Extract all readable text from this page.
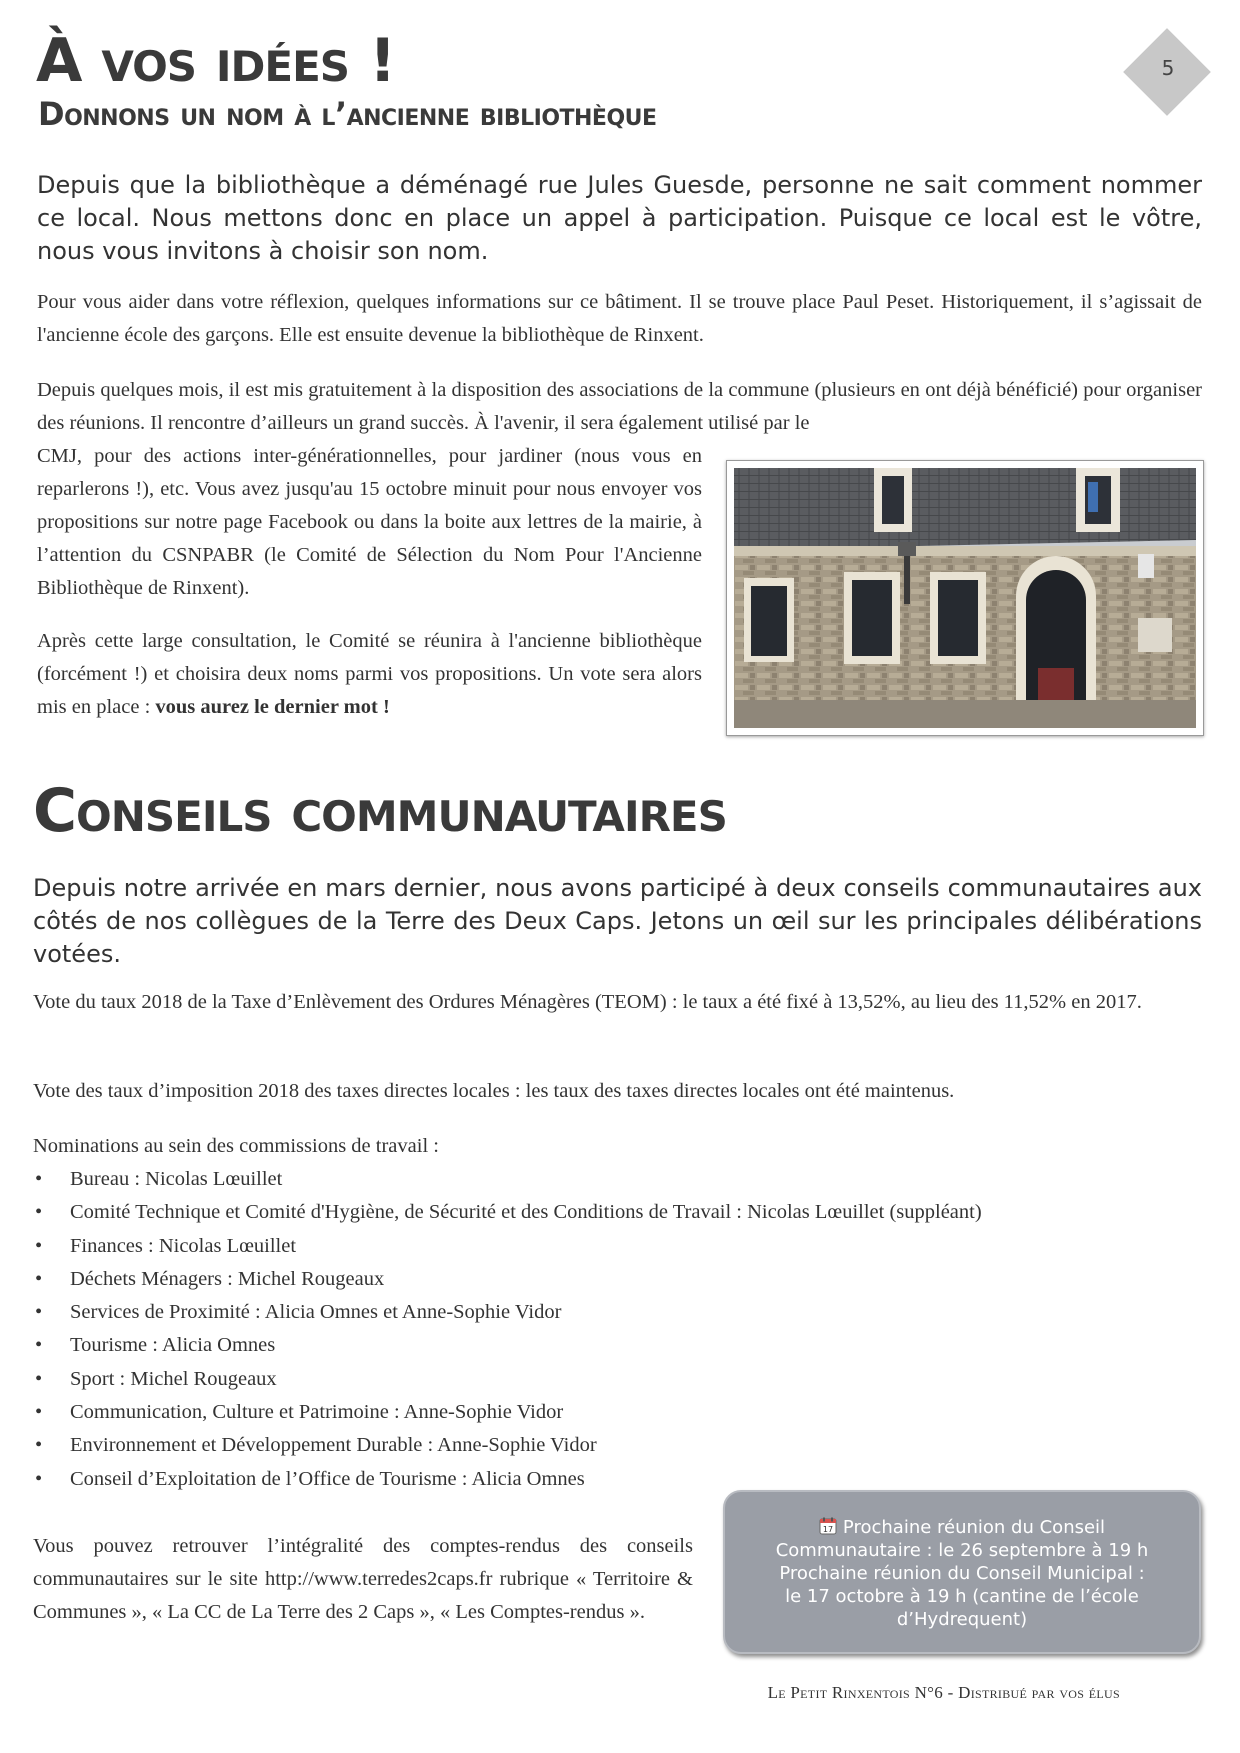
5
À vos idées !
Donnons un nom à l’ancienne bibliothèque

Depuis que la bibliothèque a déménagé rue Jules Guesde, personne ne sait comment nommer ce local. Nous mettons donc en place un appel à participation. Puisque ce local est le vôtre, nous vous invitons à choisir son nom.

Pour vous aider dans votre réflexion, quelques informations sur ce bâtiment. Il se trouve place Paul Peset. Historiquement, il s’agissait de l'ancienne école des garçons. Elle est ensuite devenue la bibliothèque de Rinxent.

Depuis quelques mois, il est mis gratuitement à la disposition des associations de la commune (plusieurs en ont déjà bénéficié) pour organiser des réunions. Il rencontre d’ailleurs un grand succès. À l'avenir, il sera également utilisé par le

CMJ, pour des actions inter-générationnelles, pour jardiner (nous vous en reparlerons !), etc. Vous avez jusqu'au 15 octobre minuit pour nous envoyer vos propositions sur notre page Facebook ou dans la boite aux lettres de la mairie, à l’attention du CSNPABR (le Comité de Sélection du Nom Pour l'Ancienne Bibliothèque de Rinxent).

Après cette large consultation, le Comité se réunira à l'ancienne bibliothèque (forcément !) et choisira deux noms parmi vos propositions. Un vote sera alors mis en place : vous aurez le dernier mot !

Conseils communautaires

Depuis notre arrivée en mars dernier, nous avons participé à deux conseils communautaires aux côtés de nos collègues de la Terre des Deux Caps. Jetons un œil sur les principales délibérations votées.

Vote du taux 2018 de la Taxe d’Enlèvement des Ordures Ménagères (TEOM) : le taux a été fixé à 13,52%, au lieu des 11,52% en 2017.

Vote des taux d’imposition 2018 des taxes directes locales : les taux des taxes directes locales ont été maintenus.

Nominations au sein des commissions de travail :

• Bureau : Nicolas Lœuillet
• Comité Technique et Comité d'Hygiène, de Sécurité et des Conditions de Travail : Nicolas Lœuillet (suppléant)
• Finances : Nicolas Lœuillet
• Déchets Ménagers : Michel Rougeaux
• Services de Proximité : Alicia Omnes et Anne-Sophie Vidor
• Tourisme : Alicia Omnes
• Sport : Michel Rougeaux
• Communication, Culture et Patrimoine : Anne-Sophie Vidor
• Environnement et Développement Durable : Anne-Sophie Vidor
• Conseil d’Exploitation de l’Office de Tourisme : Alicia Omnes

Vous pouvez retrouver l’intégralité des comptes-rendus des conseils communautaires sur le site http://www.terredes2caps.fr rubrique « Territoire & Communes », « La CC de La Terre des 2 Caps », « Les Comptes-rendus ».

17 Prochaine réunion du Conseil
Communautaire : le 26 septembre à 19 h
Prochaine réunion du Conseil Municipal :
le 17 octobre à 19 h (cantine de l’école
d’Hydrequent)
Le Petit Rinxentois N°6 - Distribué par vos élus
